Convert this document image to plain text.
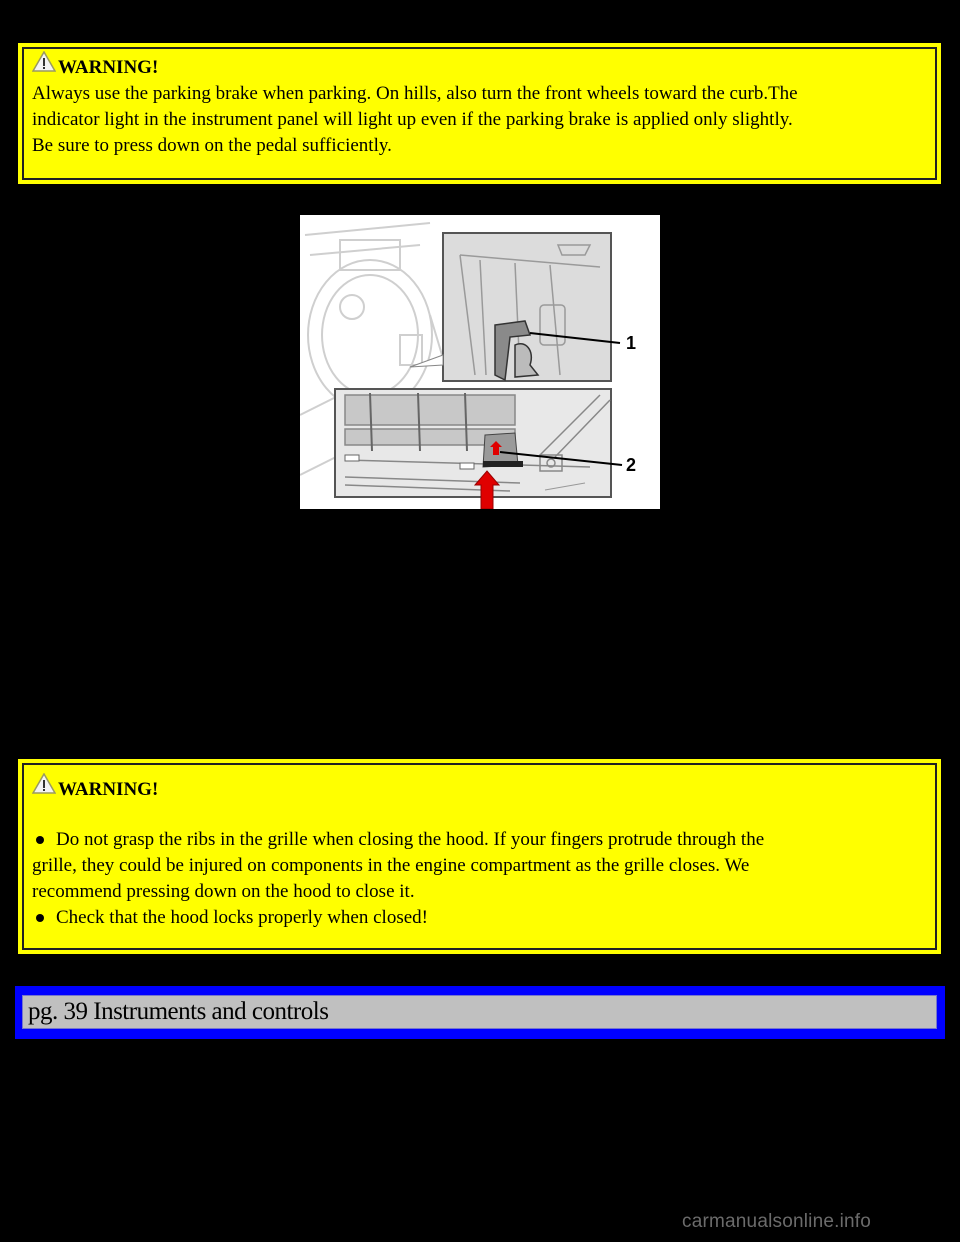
WARNING!
Always use the parking brake when parking. On hills, also turn the front wheels toward the curb.The
indicator light in the instrument panel will light up even if the parking brake is applied only slightly.
Be sure to press down on the pedal sufficiently.
1
2
WARNING!
Do not grasp the ribs in the grille when closing the hood. If your fingers protrude through the
grille, they could be injured on components in the engine compartment as the grille closes. We
recommend pressing down on the hood to close it.
Check that the hood locks properly when closed!
pg. 39 Instruments and controls
carmanualsonline.info
